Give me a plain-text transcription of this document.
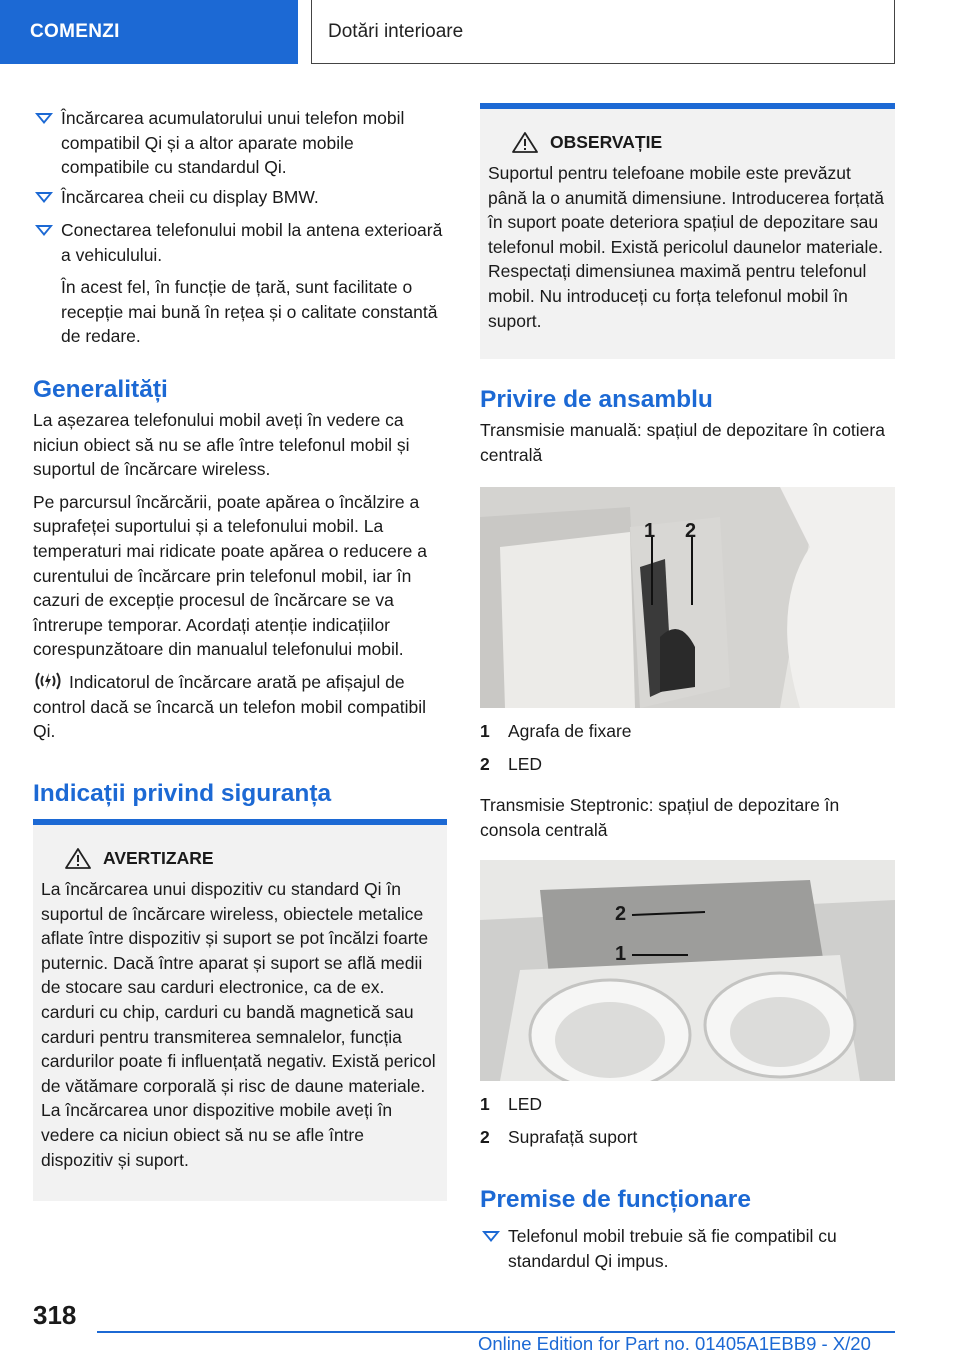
COMENZI	Dotări interioare

Încărcarea acumulatorului unui telefon mobil compatibil Qi și a altor aparate mobile compatibile cu standardul Qi.

Încărcarea cheii cu display BMW.

Conectarea telefonului mobil la antena exterioară a vehiculului.

În acest fel, în funcție de țară, sunt facilitate o recepție mai bună în rețea și o calitate constantă de redare.

Generalități

La așezarea telefonului mobil aveți în vedere ca niciun obiect să nu se afle între telefonul mobil și suportul de încărcare wireless.

Pe parcursul încărcării, poate apărea o încălzire a suprafeței suportului și a telefonului mobil. La temperaturi mai ridicate poate apărea o reducere a curentului de încărcare prin telefonul mobil, iar în cazuri de excepție procesul de încărcare se va întrerupe temporar. Acordați atenție indicațiilor corespunzătoare din manualul telefonului mobil.

Indicatorul de încărcare arată pe afișajul de control dacă se încarcă un telefon mobil compatibil Qi.

Indicații privind siguranța
AVERTIZARE

La încărcarea unui dispozitiv cu standard Qi în suportul de încărcare wireless, obiectele metalice aflate între dispozitiv și suport se pot încălzi foarte puternic. Dacă între aparat și suport se află medii de stocare sau carduri electronice, ca de ex. carduri cu chip, carduri cu bandă magnetică sau carduri pentru transmiterea semnalelor, funcția cardurilor poate fi influențată negativ. Există pericol de vătămare corporală și risc de daune materiale. La încărcarea unor dispozitive mobile aveți în vedere ca niciun obiect să nu se afle între dispozitiv și suport.

OBSERVAȚIE

Suportul pentru telefoane mobile este prevăzut până la o anumită dimensiune. Introducerea forțată în suport poate deteriora spațiul de depozitare sau telefonul mobil. Există pericolul daunelor materiale. Respectați dimensiunea maximă pentru telefonul mobil. Nu introduceți cu forța telefonul mobil în suport.

Privire de ansamblu

Transmisie manuală: spațiul de depozitare în cotiera centrală

1 2
1	Agrafa de fixare
2	LED

Transmisie Steptronic: spațiul de depozitare în consola centrală

2
1
1	LED
2	Suprafață suport
Premise de funcționare

Telefonul mobil trebuie să fie compatibil cu standardul Qi impus.

318
Online Edition for Part no. 01405A1EBB9 - X/20
